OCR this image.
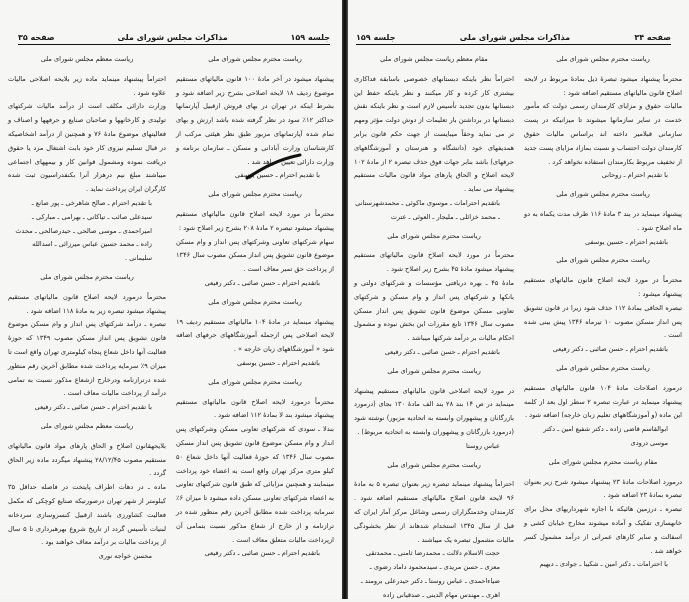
جلسه ۱۵۹
مذاکرات مجلس شورای ملی
صفحه ۳۵

ریاست محترم مجلس شورای ملی

پیشنهاد میشود در آخر مادهٔ ۱۰۰ قانون مالیاتهای مستقیم موضوع ردیف ۱۸ لایحه اصلاحی بشرح زیر اضافه شود و بشرط اینکه در تهران در بهای فروش ازقبیل آپارتمانها حداکثر ۱۲٪ سود در نظر گرفته شده باشد ارزش و بهای تمام شده آپارتمانهای مزبور طبق نظر هیئتی مرکب از کارشناسان وزارت آبادانی و مسکن ـ سازمان برنامه و وزارت دارائی تعیین خواهد شد .

با تقدیم احترام ـ حسین یوسفی

ریاست محترم مجلس شورای ملی

محترماً در مورد لایحه اصلاح قانون مالیاتهای مستقیم پیشنهاد میشود تبصره ۲ مادهٔ ۲۰۸ بشرح زیر اصلاح شود :

سهام شرکتهای تعاونی وشرکتهای پس انداز و وام مسکن موضوع قانون تشویق پس انداز مسکن مصوب سال ۱۳۴۶ از پرداخت حق تمبر معاف است .

باتقدیم احترام ـ حسن صائبی ـ دکتر رفیعی

ریاست محترم مجلس شورای ملی

پیشنهاد مینماید در مادهٔ ۱۰۴ مالیاتهای مستقیم ردیف ۱۹ لایحه اصلاحی پس ازجمله آموزشگاههای حرفهای اضافه شود « آموزشگاههای زبان خارجه » .

باتقدیم احترام ـ حسین یوسفی

ریاست محترم مجلس شورای ملی

محترماً درمورد لایحه اصلاح قانون مالیاتهای مستقیم پیشنهاد میشود بند لا بمادهٔ ۱۱۲ اضافه شود .

بندلا ـ سودی که شرکتهای تعاونی مسکن وشرکتهای پس انداز و وام مسکن موضوع قانون تشویق پس انداز مسکن مصوب سال ۱۳۴۶ که حوزهٔ فعالیت آنها داخل شعاع ۵۰ کیلو متری مرکز تهران واقع است به اعضاء خود پرداخت مینمایند و همچنین مزایائی که طبق قانون شرکتهای تعاونی به اعضاء شرکتهای تعاونی مسکن داده میشود تا میزان ۶٪ سرمایه پرداخت شده مطابق آخرین رقم منظور شده در ترازنامه و از خارج از شعاع مذکور نسبت بتمامی آن ازپرداخت مالیات متعلق معاف است .

باتقدیم احترام ـ حسن صائبی ـ دکتر رفیعی

ریاست معظم مجلس شورای ملی

احتراماً پیشنهاد مینماید ماده زیر بلایحه اصلاحی مالیات علاوه شود .

وزارت دارائی مکلف است از درآمد مالیات شرکتهای تولیدی و کارخانهها و صاحبان صنایع و حرفهها و اصناف و فعالیتهای موضوع مادهٔ ۷۶ و همچنین از درآمد اشخاصیکه در قبال تسلیم نیروی کار خود بابت اشتغال مزد یا حقوق دریافت نموده ومشمول قوانین کار و بیمههای اجتماعی میباشند مبلغ نیم درهزار آنرا بکنفدراسیون ثبت شده کارگران ایران پرداخت نماید .

با تقدیم احترام ـ صالح شاهرخی ـ پور صانع ـ سیدعلی صائب ـ تیاکانی ـ بهرامی ـ مبارکی ـ امیراحمدی ـ موسی صالحی ـ حیدرصالحی ـ محدث زاده ـ محمد حسین عباس میرزائی ـ اسدالله سلیمانی .

ریاست محترم مجلس شورای ملی

محترماً درمورد لایحه اصلاح قانون مالیاتهای مستقیم پیشنهاد میشود تبصره زیر به مادهٔ ۱۱۸ اضافه شود .

تبصره ـ درآمد شرکتهای پس انداز و وام مسکن موضوع قانون تشویق پس انداز مسکن مصوب ۱۳۴۹ که حوزهٔ فعالیت آنها داخل شعاع پنجاه کیلومتری تهران واقع است تا میزان ۹٪ سرمایه پرداخت شده مطابق آخرین رقم منظور شده درترازنامه ودرخارج ازشعاع مذکور نسبت به تمامی درآمد از پرداخت مالیات معاف است .

با تقدیم احترام ـ حسن صائبی ـ دکتر رفیعی

ریاست معظم مجلس شورای ملی

بلایحهقانون اصلاح و الحاق پارهای مواد قانون مالیاتهای مستقیم مصوب ۲۸/۱۲/۴۵ پیشنهاد میگردد ماده زیر الحاق گردد .

ماده ـ در دهات اطراف پایتخت در فاصله حداقل ۳۵ کیلومتر از شهر تهران درصورتیکه صنایع کوچکی که مکمل فعالیت کشاورزی باشند ازقبیل کنسروسازی سردخانه لبنیات تأسیس گردد از تاریخ شروع بهرهبرداری تا ۵ سال از پرداخت مالیات بر درآمد معاف خواهند بود .

محسن خواجه نوری

صفحه ۳۴
مذاکرات مجلس شورای ملی
جلسه ۱۵۹

ریاست محترم مجلس شورای ملی

محترماً پیشنهاد میشود تبصرهٔ ذیل بمادهٔ مربوط در لایحه اصلاح قانون مالیاتهای مستقیم اضافه شود :

مالیات حقوق و مزایای کارمندان رسمی دولت که مأمور خدمت در سایر سازمانها میشوند تا میزانیکه در پست سازمانی قبلامیر داخته اند براساس مالیات حقوق کارمندان دولت احتساب و نسبت بمازاد مزایای پست جدید از تخفیف مربوط بکارمندان استفاده نخواهد کرد .

با تقدیم احترام ـ روحانی

ریاست محترم مجلس شورای ملی

پیشنهاد مینماید در بند ۳ مادهٔ ۱۱۶ ظرف مدت یکماه به دو ماه اصلاح شود .

باتقدیم احترام ـ حسین یوسفی

ریاست محترم مجلس شورای ملی

محترماً در مورد لایحه اصلاح قانون مالیاتهای مستقیم پیشنهاد میشود :

تبصره الحاقی بمادهٔ ۱۱۲ حذف شود زیرا در قانون تشویق پس انداز مسکن مصوب ۱۰ تیرماه ۱۳۴۶ پیش بینی شده است .

باتقدیم احترام ـ حسن صائبی ـ دکتر رفیعی

ریاست محترم مجلس شورای ملی

درمورد اصلاحات مادهٔ ۱۰۴ قانون مالیاتهای مستقیم پیشنهاد مینماید در عبارت تبصره ۲ سطر اول بعد از کلمه این ماده (و آموزشگاههای تعلیم زبان خارجه) اضافه شود .

ابوالقاسم قاضی زاده ـ دکتر شفیع امین ـ دکتر موسی درودی

مقام ریاست محترم مجلس شورای ملی

درمورد اصلاحات مادهٔ ۲۳ پیشنهاد میشود شرح زیر بعنوان تبصره بمادهٔ ۲۳ اضافه شود .

تبصره ـ درزمین هائیکه با اجازه شهرداریهای محل برای خانهسازی تفکیک و آماده میشوند مخارج خیابان کشی و اسفالت و سایر کارهای عمرانی از درآمد مشمول کسر خواهد شد .

با احترامات ـ دکتر امین ـ شکیبا ـ جوادی ـ دیهیم

مقام معظم ریاست مجلس شورای ملی

احتراماً نظر باینکه دبستانهای خصوصی باسابقه فداکاری بیشتری کار کرده و کار میکنند و نظر باینکه حفظ این دبستانها بدون تجدید تأسیس لازم است و نظر باینکه نقش دبستانها در برداشتن بار تعلیمات از دوش دولت مؤثر ومهم تر می نماید وحقاً میبایست از جهت حکم قانون برابر همدیفهای خود (دانشگاه و هنرستان و آموزشگاههای حرفهای) باشد بنابر جهات فوق حذف تبصره ۲ از مادهٔ ۱۰۲ لایحه اصلاح و الحاق پارهای مواد قانون مالیات مستقیم پیشنهاد می نماید .

باتقدیم احترامات ـ موسوی ماکوئی ـ محمدشهرستانی ـ محمد خزائلی ـ ملیجار ـ العوئی ـ عترت

ریاست محترم مجلس شورای ملی

محترماً در مورد لایحه اصلاح قانون مالیاتهای مستقیم پیشنهاد میشود مادهٔ ۴۵ بشرح زیر اصلاح شود .

مادهٔ ۴۵ ـ بهره دریافتی مؤسسات و شرکتهای دولتی و بانکها و شرکتهای پس انداز و وام مسکن و شرکتهای تعاونی مسکن موضوع قانون تشویق پس انداز مسکن مصوب سال ۱۳۴۶ تابع مقررات این بخش نبوده و مشمول احکام مالیات بر درآمد شرکتها میباشد .

باتقدیم احترام ـ حسن صائبی ـ دکتر رفیعی

ریاست محترم مجلس شورای ملی

در مورد لایحه اصلاحی قانون مالیاتهای مستقیم پیشنهاد مینماید در ص ۱۴ بند ۲۸ بند الف مادهٔ ۱۳۰ بجای (درمورد بازرگانان و پیشهوران وابسته به اتحادیه مزبور) نوشته شود (درمورد بازرگانان و پیشهوران وابسته به اتحادیه مربوط) .

عباس روستا

ریاست محترم مجلس شورای ملی

احتراماً پیشنهاد مینماید تبصره زیر بعنوان تبصره ۵ به مادهٔ ۹۶ لایحه قانون اصلاح مالیاتهای مستقیم اضافه شود . کارمندان وخدمتگزاران رسمی وشاغل مرکز آمار ایران که قبل از سال ۱۳۴۵ استخدام شدهاند از نظر بخشودگی مالیات مشمول تبصره یک میباشند .

حجت الاسلام دلالت ـ محمدرضا ثامنی ـ محمدتقی معزی ـ حسن مریدی ـ سیدمحمود داماد رضوی ـ ضیاءاحمدی ـ عباس روستا ـ دکتر حیدرعلی برومند ـ اهری ـ مهندس مهام الدینی ـ صدقیانی زاده
